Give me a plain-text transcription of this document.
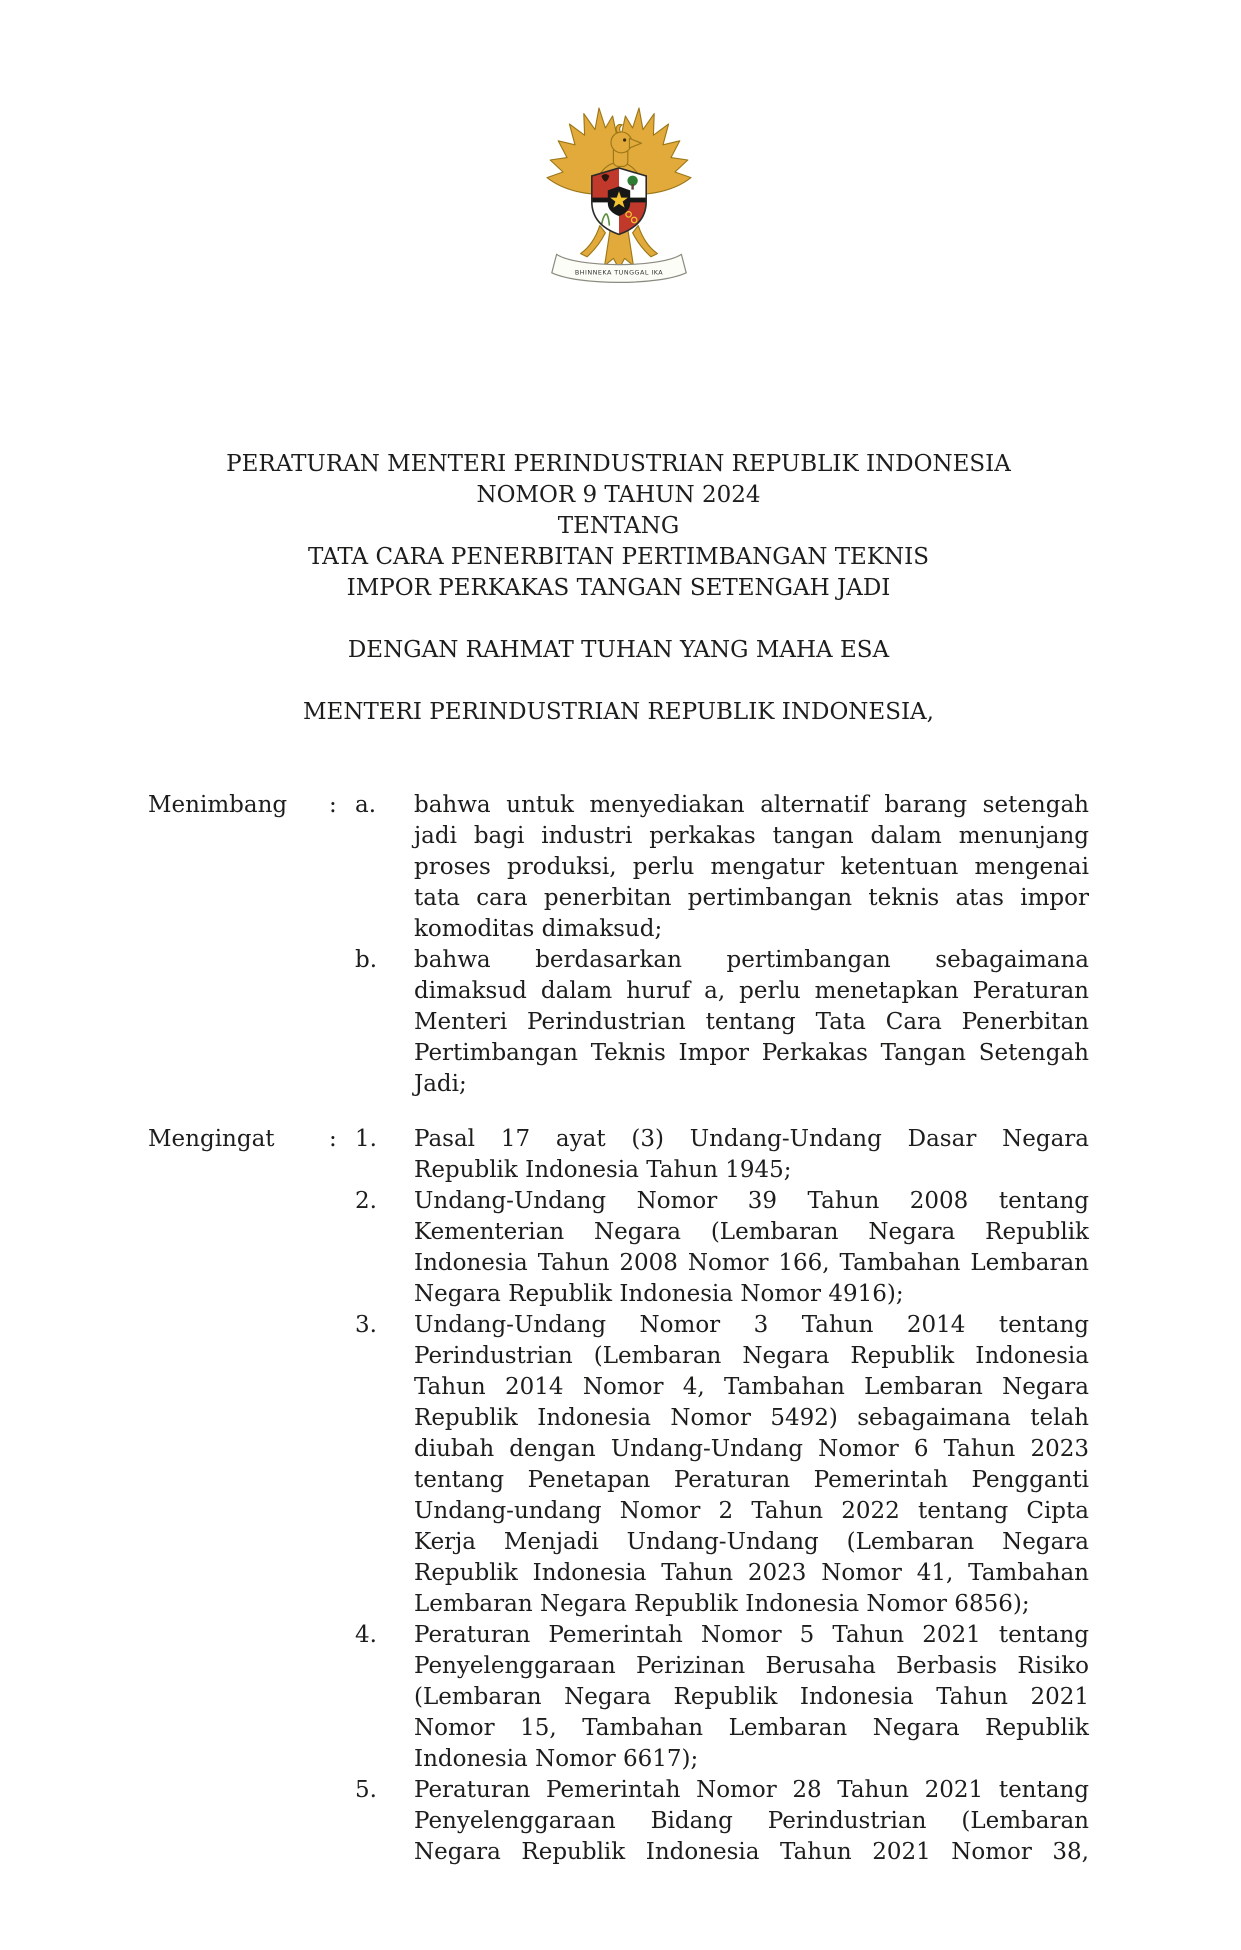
BHINNEKA TUNGGAL IKA
PERATURAN MENTERI PERINDUSTRIAN REPUBLIK INDONESIA
NOMOR 9 TAHUN 2024
TENTANG
TATA CARA PENERBITAN PERTIMBANGAN TEKNIS
IMPOR PERKAKAS TANGAN SETENGAH JADI
DENGAN RAHMAT TUHAN YANG MAHA ESA
MENTERI PERINDUSTRIAN REPUBLIK INDONESIA,
Menimbang	: a.	bahwa untuk menyediakan alternatif barang setengah jadi bagi industri perkakas tangan dalam menunjang proses produksi, perlu mengatur ketentuan mengenai tata cara penerbitan pertimbangan teknis atas impor komoditas dimaksud;
b.	bahwa berdasarkan pertimbangan sebagaimana dimaksud dalam huruf a, perlu menetapkan Peraturan Menteri Perindustrian tentang Tata Cara Penerbitan Pertimbangan Teknis Impor Perkakas Tangan Setengah Jadi;
Mengingat	: 1.	Pasal 17 ayat (3) Undang-Undang Dasar Negara Republik Indonesia Tahun 1945;
2.	Undang-Undang Nomor 39 Tahun 2008 tentang Kementerian Negara (Lembaran Negara Republik Indonesia Tahun 2008 Nomor 166, Tambahan Lembaran Negara Republik Indonesia Nomor 4916);
3.	Undang-Undang Nomor 3 Tahun 2014 tentang Perindustrian (Lembaran Negara Republik Indonesia Tahun 2014 Nomor 4, Tambahan Lembaran Negara Republik Indonesia Nomor 5492) sebagaimana telah diubah dengan Undang-Undang Nomor 6 Tahun 2023 tentang Penetapan Peraturan Pemerintah Pengganti Undang-undang Nomor 2 Tahun 2022 tentang Cipta Kerja Menjadi Undang-Undang (Lembaran Negara Republik Indonesia Tahun 2023 Nomor 41, Tambahan Lembaran Negara Republik Indonesia Nomor 6856);
4.	Peraturan Pemerintah Nomor 5 Tahun 2021 tentang Penyelenggaraan Perizinan Berusaha Berbasis Risiko (Lembaran Negara Republik Indonesia Tahun 2021 Nomor 15, Tambahan Lembaran Negara Republik Indonesia Nomor 6617);
5.	Peraturan Pemerintah Nomor 28 Tahun 2021 tentang Penyelenggaraan Bidang Perindustrian (Lembaran Negara Republik Indonesia Tahun 2021 Nomor 38,
